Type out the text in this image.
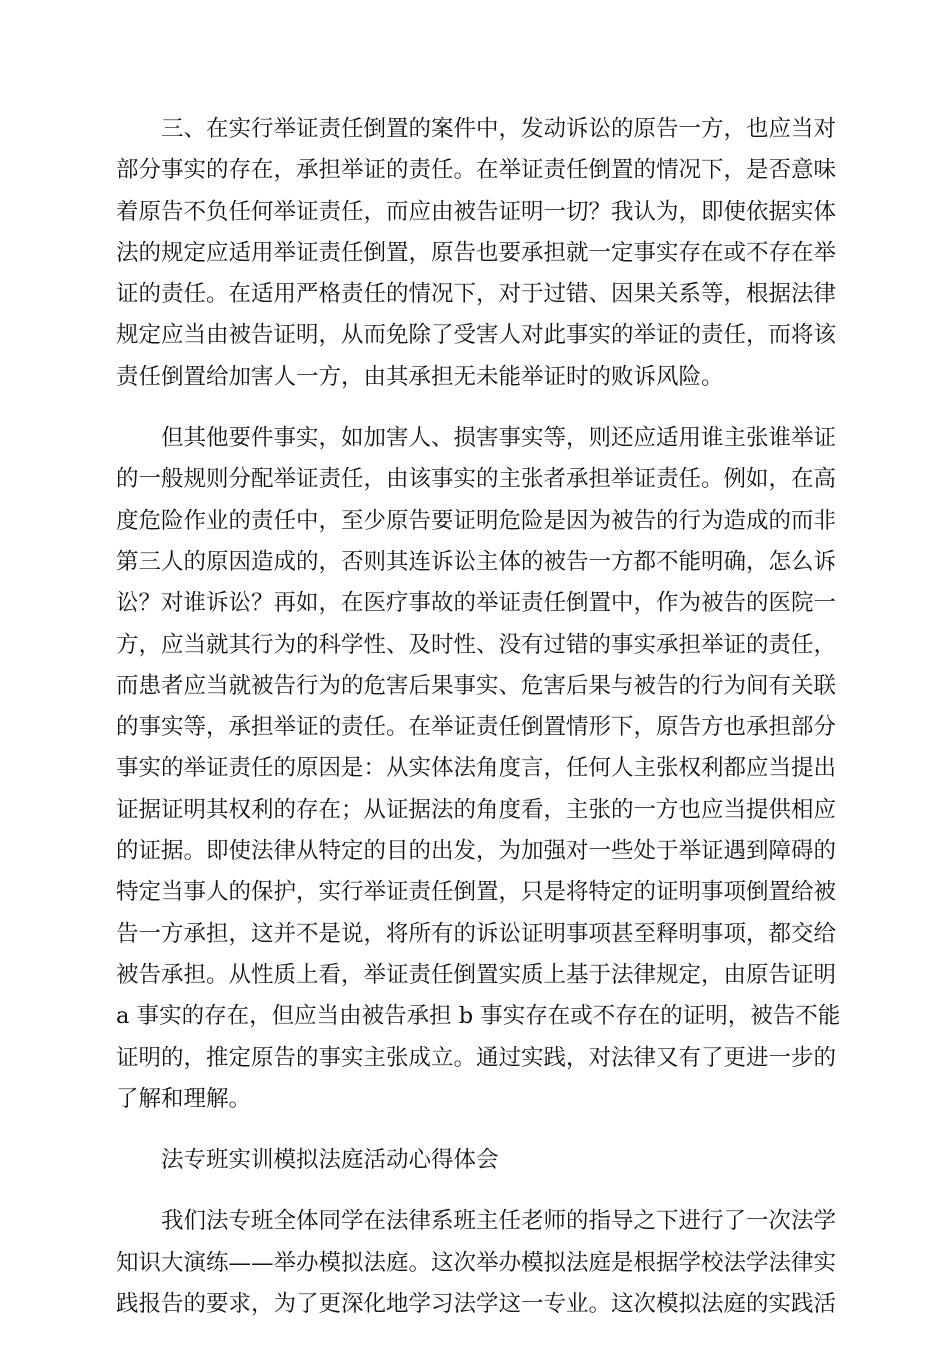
三、在实行举证责任倒置的案件中，发动诉讼的原告一方，也应当对
部分事实的存在，承担举证的责任。在举证责任倒置的情况下，是否意味
着原告不负任何举证责任，而应由被告证明一切？我认为，即使依据实体
法的规定应适用举证责任倒置，原告也要承担就一定事实存在或不存在举
证的责任。在适用严格责任的情况下，对于过错、因果关系等，根据法律
规定应当由被告证明，从而免除了受害人对此事实的举证的责任，而将该
责任倒置给加害人一方，由其承担无未能举证时的败诉风险。

但其他要件事实，如加害人、损害事实等，则还应适用谁主张谁举证
的一般规则分配举证责任，由该事实的主张者承担举证责任。例如，在高
度危险作业的责任中，至少原告要证明危险是因为被告的行为造成的而非
第三人的原因造成的，否则其连诉讼主体的被告一方都不能明确，怎么诉
讼？对谁诉讼？再如，在医疗事故的举证责任倒置中，作为被告的医院一
方，应当就其行为的科学性、及时性、没有过错的事实承担举证的责任，
而患者应当就被告行为的危害后果事实、危害后果与被告的行为间有关联
的事实等，承担举证的责任。在举证责任倒置情形下，原告方也承担部分
事实的举证责任的原因是：从实体法角度言，任何人主张权利都应当提出
证据证明其权利的存在；从证据法的角度看，主张的一方也应当提供相应
的证据。即使法律从特定的目的出发，为加强对一些处于举证遇到障碍的
特定当事人的保护，实行举证责任倒置，只是将特定的证明事项倒置给被
告一方承担，这并不是说，将所有的诉讼证明事项甚至释明事项，都交给
被告承担。从性质上看，举证责任倒置实质上基于法律规定，由原告证明
a 事实的存在，但应当由被告承担 b 事实存在或不存在的证明，被告不能
证明的，推定原告的事实主张成立。通过实践，对法律又有了更进一步的
了解和理解。

法专班实训模拟法庭活动心得体会

我们法专班全体同学在法律系班主任老师的指导之下进行了一次法学
知识大演练——举办模拟法庭。这次举办模拟法庭是根据学校法学法律实
践报告的要求，为了更深化地学习法学这一专业。这次模拟法庭的实践活
